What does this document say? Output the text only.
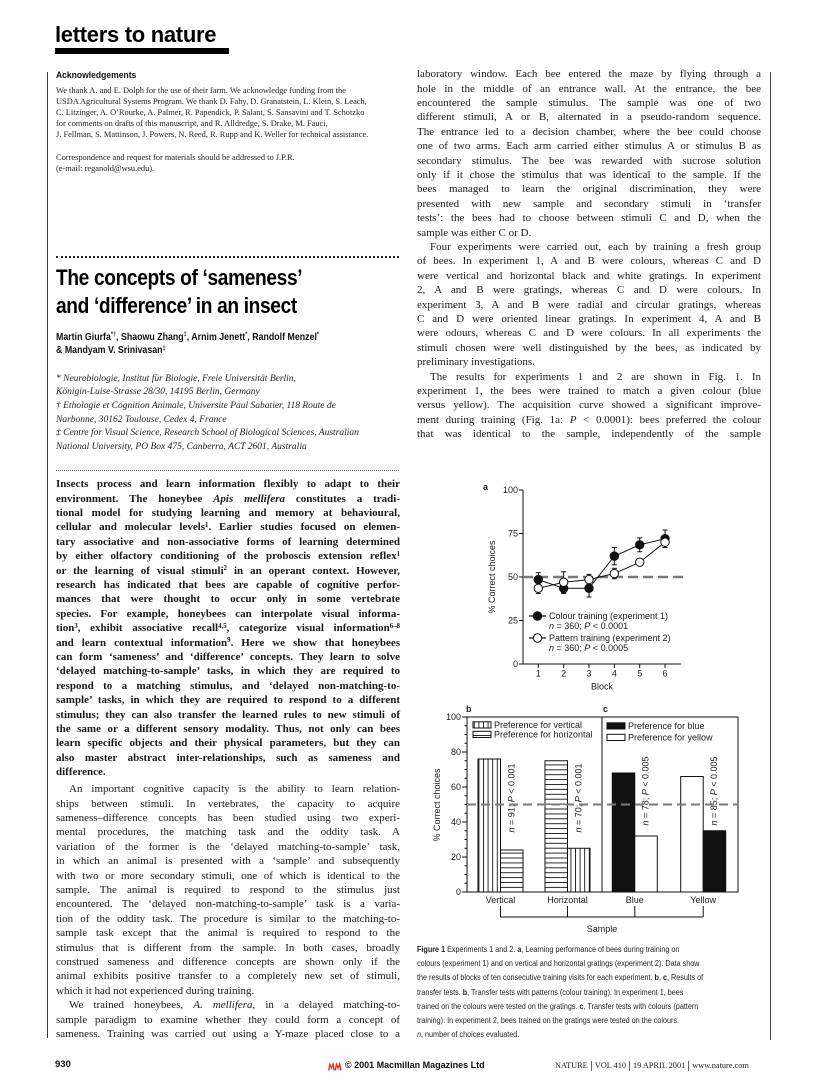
letters to nature
Acknowledgements
We thank A. and E. Dolph for the use of their farm. We acknowledge funding from the
USDA Agricultural Systems Program. We thank D. Fahy, D. Granatstein, L. Klein, S. Leach,
C. Litzinger, A. O’Rourke, A. Palmer, R. Papendick, P. Salant, S. Sansavini and T. Schotzko
for comments on drafts of this manuscript, and R. Alldredge, S. Drake, M. Fauci,
J. Fellman, S. Mattinson, J. Powers, N. Reed, R. Rupp and K. Weller for technical assistance.
Correspondence and request for materials should be addressed to J.P.R.
(e-mail: reganold@wsu.edu).
The concepts of ‘sameness’
and ‘difference’ in an insect
Martin Giurfa*†, Shaowu Zhang‡, Arnim Jenett*, Randolf Menzel*
& Mandyam V. Srinivasan‡
* Neurobiologie, Institut für Biologie, Freie Universität Berlin,
Königin-Luise-Strasse 28/30, 14195 Berlin, Germany
† Ethologie et Cognition Animale, Universite Paul Sabatier, 118 Route de
Narbonne, 30162 Toulouse, Cedex 4, France
‡ Centre for Visual Science, Research School of Biological Sciences, Australian
National University, PO Box 475, Canberra, ACT 2601, Australia
Insects process and learn information flexibly to adapt to their
environment. The honeybee Apis mellifera constitutes a tradi-
tional model for studying learning and memory at behavioural,
cellular and molecular levels$^1$. Earlier studies focused on elemen-
tary associative and non-associative forms of learning determined
by either olfactory conditioning of the proboscis extension reflex$^1$
or the learning of visual stimuli$^2$ in an operant context. However,
research has indicated that bees are capable of cognitive perfor-
mances that were thought to occur only in some vertebrate
species. For example, honeybees can interpolate visual informa-
tion$^3$, exhibit associative recall$^{4,5}$, categorize visual information$^{6-8}$
and learn contextual information$^9$. Here we show that honeybees
can form ‘sameness’ and ‘difference’ concepts. They learn to solve
‘delayed matching-to-sample’ tasks, in which they are required to
respond to a matching stimulus, and ‘delayed non-matching-to-
sample’ tasks, in which they are required to respond to a different
stimulus; they can also transfer the learned rules to new stimuli of
the same or a different sensory modality. Thus, not only can bees
learn specific objects and their physical parameters, but they can
also master abstract inter-relationships, such as sameness and
difference.
An important cognitive capacity is the ability to learn relation-
ships between stimuli. In vertebrates, the capacity to acquire
sameness–difference concepts has been studied using two experi-
mental procedures, the matching task and the oddity task. A
variation of the former is the ‘delayed matching-to-sample’ task,
in which an animal is presented with a ‘sample’ and subsequently
with two or more secondary stimuli, one of which is identical to the
sample. The animal is required to respond to the stimulus just
encountered. The ‘delayed non-matching-to-sample’ task is a varia-
tion of the oddity task. The procedure is similar to the matching-to-
sample task except that the animal is required to respond to the
stimulus that is different from the sample. In both cases, broadly
construed sameness and difference concepts are shown only if the
animal exhibits positive transfer to a completely new set of stimuli,
which it had not experienced during training.
We trained honeybees, A. mellifera, in a delayed matching-to-
sample paradigm to examine whether they could form a concept of
sameness. Training was carried out using a Y-maze placed close to a
laboratory window. Each bee entered the maze by flying through a
hole in the middle of an entrance wall. At the entrance, the bee
encountered the sample stimulus. The sample was one of two
different stimuli, A or B, alternated in a pseudo-random sequence.
The entrance led to a decision chamber, where the bee could choose
one of two arms. Each arm carried either stimulus A or stimulus B as
secondary stimulus. The bee was rewarded with sucrose solution
only if it chose the stimulus that was identical to the sample. If the
bees managed to learn the original discrimination, they were
presented with new sample and secondary stimuli in ‘transfer
tests’: the bees had to choose between stimuli C and D, when the
sample was either C or D.
Four experiments were carried out, each by training a fresh group
of bees. In experiment 1, A and B were colours, whereas C and D
were vertical and horizontal black and white gratings. In experiment
2, A and B were gratings, whereas C and D were colours. In
experiment 3, A and B were radial and circular gratings, whereas
C and D were oriented linear gratings. In experiment 4, A and B
were odours, whereas C and D were colours. In all experiments the
stimuli chosen were well distinguished by the bees, as indicated by
preliminary investigations.
The results for experiments 1 and 2 are shown in Fig. 1. In
experiment 1, the bees were trained to match a given colour (blue
versus yellow). The acquisition curve showed a significant improve-
ment during training (Fig. 1a: P < 0.0001): bees preferred the colour
that was identical to the sample, independently of the sample
a
0
25
50
75
100
1 2 3 4 5 6
Block
% Correct choices
Colour training (experiment 1)
n = 360; P < 0.0001
Pattern training (experiment 2)
n = 360; P < 0.0005
0
20
40
60
80
100
% Correct choices
b
n = 91; P < 0.001
Vertical
n = 70; P < 0.001
Horizontal
Preference for vertical
Preference for horizontal
c
n = 78; P < 0.005
Blue
n = 85; P < 0.005
Yellow
Preference for blue
Preference for yellow
Sample
Figure 1 Experiments 1 and 2. a, Learning performance of bees during training on
colours (experiment 1) and on vertical and horizontal gratings (experiment 2). Data show
the results of blocks of ten consecutive training visits for each experiment. b, c, Results of
transfer tests. b, Transfer tests with patterns (colour training). In experiment 1, bees
trained on the colours were tested on the gratings. c, Transfer tests with colours (pattern
training). In experiment 2, bees trained on the gratings were tested on the colours.
n, number of choices evaluated.
930	© 2001 Macmillan Magazines Ltd	NATURE VOL 410 19 APRIL 2001 www.nature.com
